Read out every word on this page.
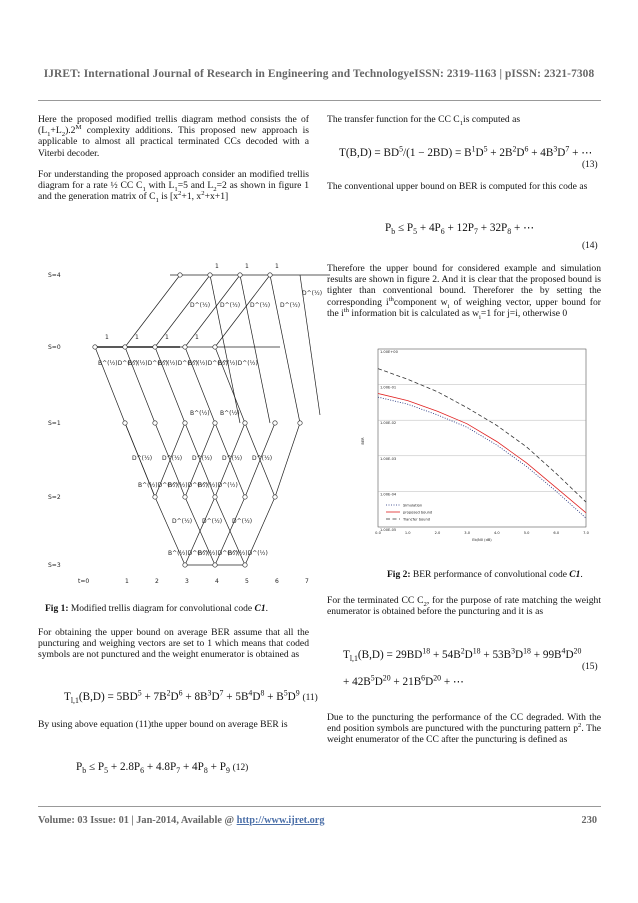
IJRET: International Journal of Research in Engineering and TechnologyeISSN: 2319-1163 | pISSN: 2321-7308

Here the proposed modified trellis diagram method consists the of $(L_1+L_2).2^M$ complexity additions. This proposed new approach is applicable to almost all practical terminated CCs decoded with a Viterbi decoder.

For understanding the proposed approach consider an modified trellis diagram for a rate ½ CC $C_1$ with $L_1=5$ and $L_2=2$ as shown in figure 1 and the generation matrix of $C_1$ is [$x^2+1$, $x^2+x+1$]

S=4
S=0
S=1
S=2
S=3
1	1	1
1	1	1	1
D^(½) D^(½) D^(½) D^(½)
D^(½)
B^(½)D^(½)
B^(½)D^(½)
B^(½)D^(½)
B^(½)D^(½)
B^(½)D^(½)
B^(½) B^(½)
D^(½) D^(½) D^(½) D^(½) D^(½)
B^(½)D^(½)
B^(½)D^(½)
B^(½)D^(½)
D^(½) D^(½) D^(½)
B^(½)D^(½)
B^(½)D^(½)
B^(½)D^(½)
t=0	1	2	3	4	5	6	7
Fig 1: Modified trellis diagram for convolutional code C1.

For obtaining the upper bound on average BER assume that all the puncturing and weighing vectors are set to 1 which means that coded symbols are not punctured and the weight enumerator is obtained as

$T_{l,1}(B,D) = 5BD^5 + 7B^2D^6 + 8B^3D^7 + 5B^4D^8 + B^5D^9$ (11)

By using above equation (11)the upper bound on average BER is

$P_b \le P_5 + 2.8P_6 + 4.8P_7 + 4P_8 + P_9$ (12)

The transfer function for the CC $C_1is$ computed as

$T(B,D) = BD^5/(1 - 2BD) = B^1D^5 + 2B^2D^6 + 4B^3D^7$ + ⋯
(13)

The conventional upper bound on BER is computed for this code as

$P_b \le P_5 + 4P_6 + 12P_7 + 32P_8$ + ⋯
(14)

Therefore the upper bound for considered example and simulation results are shown in figure 2. And it is clear that the proposed bound is tighter than conventional bound. Thereforer the by setting the corresponding $i^{th}component$ $w_i$ of weighing vector, upper bound for the $i^{th}$ information bit is calculated as $w_i=1$ for j=i, otherwise 0

1.00E+00
1.00E-01
1.00E-02
1.00E-03
1.00E-04
1.00E-05
0.0	1.0	2.0	3.0	4.0	5.0	6.0	7.0
BER
Eb/N0 (dB)
Simulation
proposed bound
Trancfer bound
Fig 2: BER performance of convolutional code C1.

For the terminated CC $C_2$, for the purpose of rate matching the weight enumerator is obtained before the puncturing and it is as

$T_{l,1}(B,D) = 29BD^{18} + 54B^2D^{18} + 53B^3D^{18} + 99B^4D^{20}$
+ $42B^5D^{20} + 21B^6D^{20}$ + ⋯
(15)

Due to the puncturing the performance of the CC degraded. With the end position symbols are punctured with the puncturing pattern $p^2$. The weight enumerator of the CC after the puncturing is defined as

Volume: 03 Issue: 01 | Jan-2014, Available @ http://www.ijret.org	230
